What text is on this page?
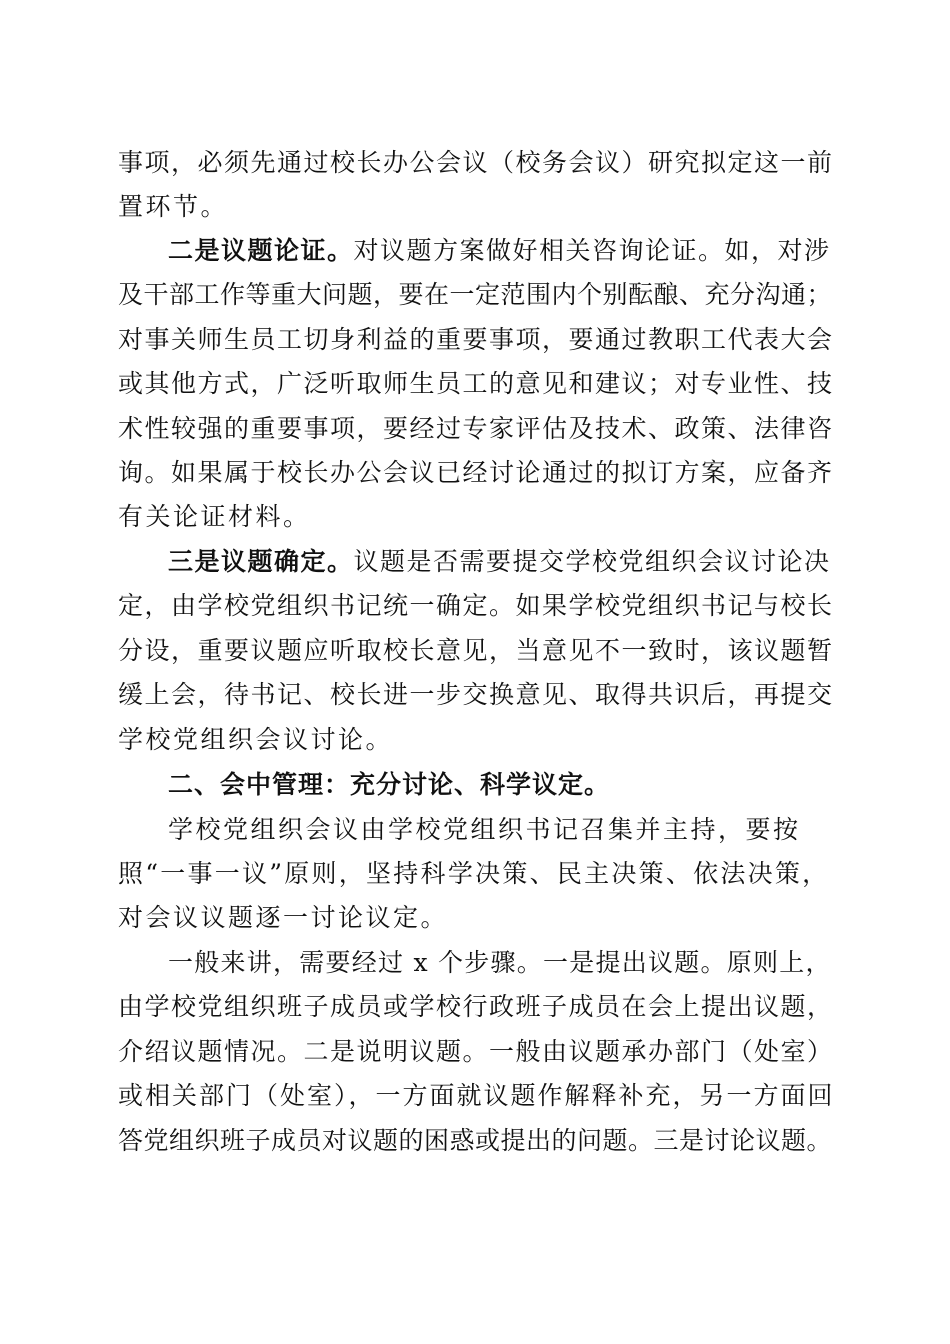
事项，必须先通过校长办公会议（校务会议）研究拟定这一前
置环节。
二是议题论证。对议题方案做好相关咨询论证。如，对涉
及干部工作等重大问题，要在一定范围内个别酝酿、充分沟通；
对事关师生员工切身利益的重要事项，要通过教职工代表大会
或其他方式，广泛听取师生员工的意见和建议；对专业性、技
术性较强的重要事项，要经过专家评估及技术、政策、法律咨
询。如果属于校长办公会议已经讨论通过的拟订方案，应备齐
有关论证材料。
三是议题确定。议题是否需要提交学校党组织会议讨论决
定，由学校党组织书记统一确定。如果学校党组织书记与校长
分设，重要议题应听取校长意见，当意见不一致时，该议题暂
缓上会，待书记、校长进一步交换意见、取得共识后，再提交
学校党组织会议讨论。
二、会中管理：充分讨论、科学议定。
学校党组织会议由学校党组织书记召集并主持，要按
照“一事一议”原则，坚持科学决策、民主决策、依法决策，
对会议议题逐一讨论议定。
一般来讲，需要经过 x 个步骤。一是提出议题。原则上，
由学校党组织班子成员或学校行政班子成员在会上提出议题，
介绍议题情况。二是说明议题。一般由议题承办部门（处室）
或相关部门（处室），一方面就议题作解释补充，另一方面回
答党组织班子成员对议题的困惑或提出的问题。三是讨论议题。
